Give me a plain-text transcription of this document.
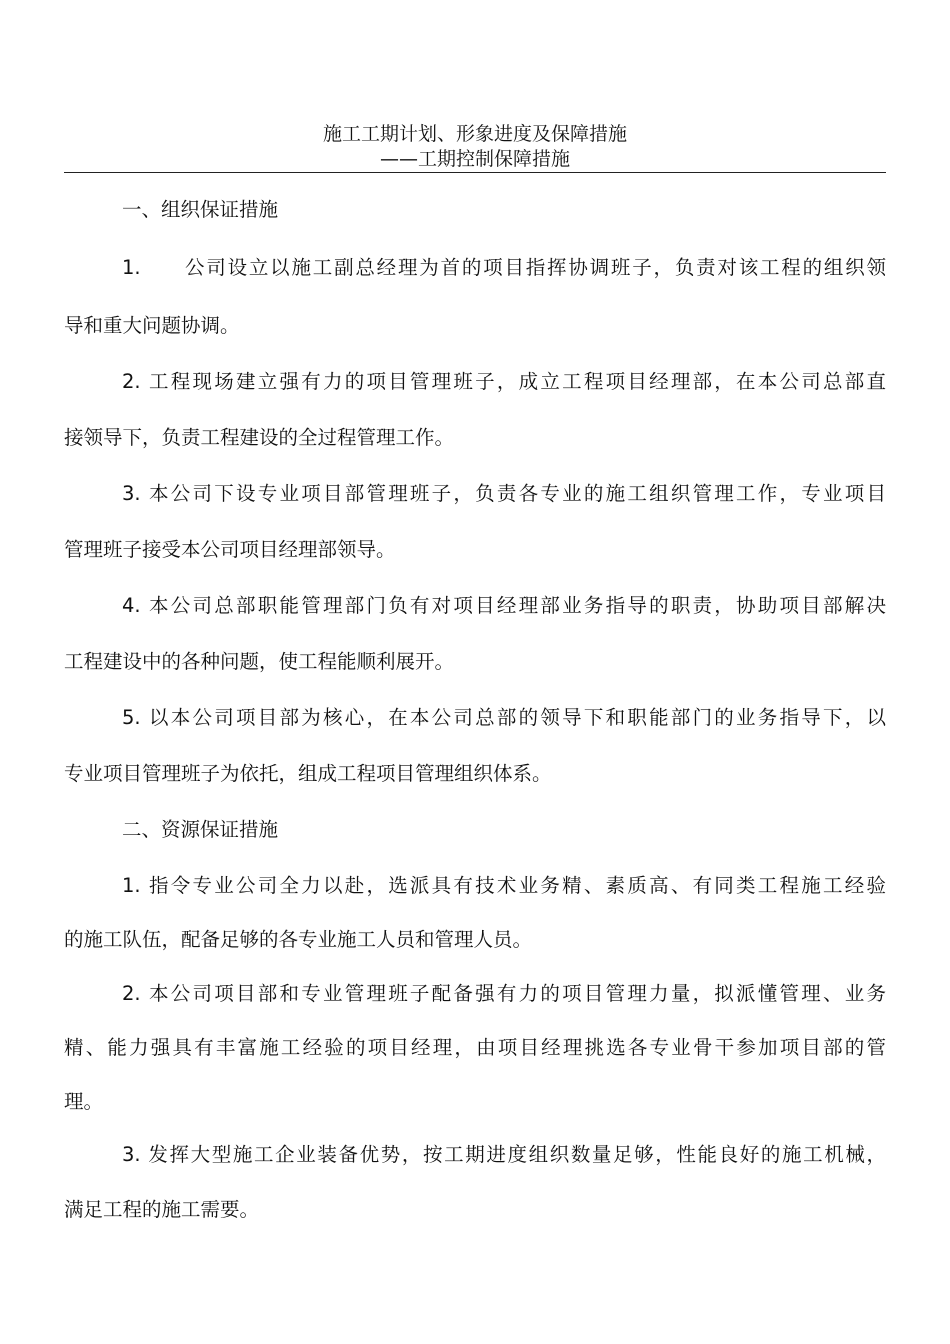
施工工期计划、形象进度及保障措施
——工期控制保障措施
一、组织保证措施
1.　　公司设立以施工副总经理为首的项目指挥协调班子，负责对该工程的组织领
导和重大问题协调。
2. 工程现场建立强有力的项目管理班子，成立工程项目经理部，在本公司总部直
接领导下，负责工程建设的全过程管理工作。
3. 本公司下设专业项目部管理班子，负责各专业的施工组织管理工作，专业项目
管理班子接受本公司项目经理部领导。
4. 本公司总部职能管理部门负有对项目经理部业务指导的职责，协助项目部解决
工程建设中的各种问题，使工程能顺利展开。
5. 以本公司项目部为核心，在本公司总部的领导下和职能部门的业务指导下，以
专业项目管理班子为依托，组成工程项目管理组织体系。
二、资源保证措施
1. 指令专业公司全力以赴，选派具有技术业务精、素质高、有同类工程施工经验
的施工队伍，配备足够的各专业施工人员和管理人员。
2. 本公司项目部和专业管理班子配备强有力的项目管理力量，拟派懂管理、业务
精、能力强具有丰富施工经验的项目经理，由项目经理挑选各专业骨干参加项目部的管
理。
3. 发挥大型施工企业装备优势，按工期进度组织数量足够，性能良好的施工机械，
满足工程的施工需要。
